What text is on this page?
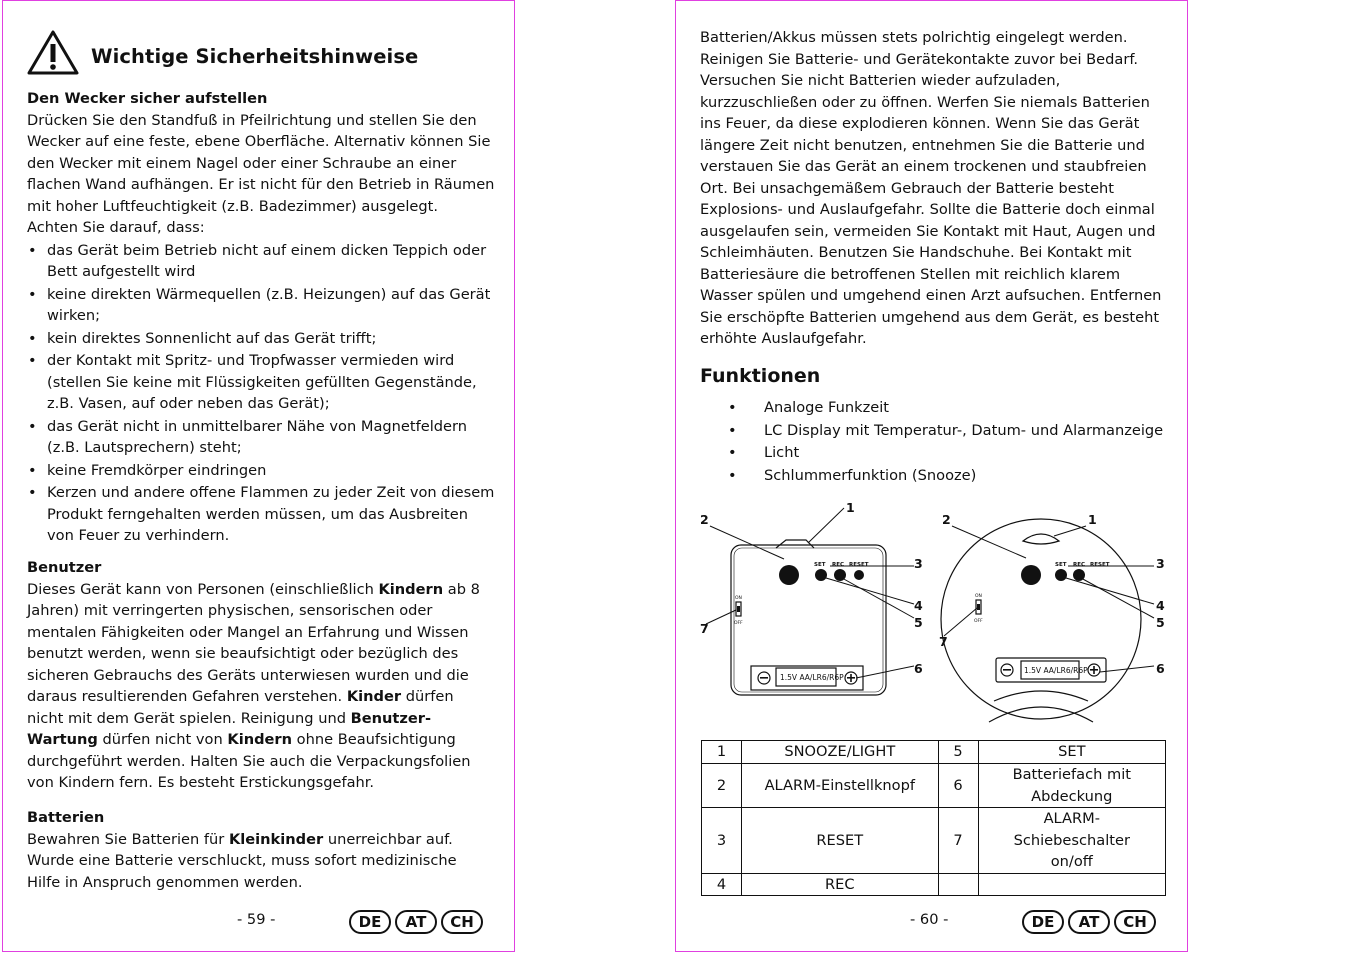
Wichtige Sicherheitshinweise
Den Wecker sicher aufstellen
Drücken Sie den Standfuß in Pfeilrichtung und stellen Sie den Wecker auf eine feste, ebene Oberfläche. Alternativ können Sie den Wecker mit einem Nagel oder einer Schraube an einer flachen Wand aufhängen. Er ist nicht für den Betrieb in Räumen mit hoher Luftfeuchtigkeit (z.B. Badezimmer) ausgelegt.
Achten Sie darauf, dass:
• das Gerät beim Betrieb nicht auf einem dicken Teppich oder Bett aufgestellt wird
• keine direkten Wärmequellen (z.B. Heizungen) auf das Gerät wirken;
• kein direktes Sonnenlicht auf das Gerät trifft;
• der Kontakt mit Spritz- und Tropfwasser vermieden wird (stellen Sie keine mit Flüssigkeiten gefüllten Gegenstände, z.B. Vasen, auf oder neben das Gerät);
• das Gerät nicht in unmittelbarer Nähe von Magnetfeldern (z.B. Lautsprechern) steht;
• keine Fremdkörper eindringen
• Kerzen und andere offene Flammen zu jeder Zeit von diesem Produkt ferngehalten werden müssen, um das Ausbreiten von Feuer zu verhindern.
Benutzer
Dieses Gerät kann von Personen (einschließlich Kindern ab 8 Jahren) mit verringerten physischen, sensorischen oder mentalen Fähigkeiten oder Mangel an Erfahrung und Wissen benutzt werden, wenn sie beaufsichtigt oder bezüglich des sicheren Gebrauchs des Geräts unterwiesen wurden und die daraus resultierenden Gefahren verstehen. Kinder dürfen nicht mit dem Gerät spielen. Reinigung und Benutzer-Wartung dürfen nicht von Kindern ohne Beaufsichtigung durchgeführt werden. Halten Sie auch die Verpackungsfolien von Kindern fern. Es besteht Erstickungsgefahr.
Batterien
Bewahren Sie Batterien für Kleinkinder unerreichbar auf. Wurde eine Batterie verschluckt, muss sofort medizinische Hilfe in Anspruch genommen werden.
- 59 -	DE	AT	CH
Batterien/Akkus müssen stets polrichtig eingelegt werden. Reinigen Sie Batterie- und Gerätekontakte zuvor bei Bedarf. Versuchen Sie nicht Batterien wieder aufzuladen, kurzzuschließen oder zu öffnen. Werfen Sie niemals Batterien ins Feuer, da diese explodieren können. Wenn Sie das Gerät längere Zeit nicht benutzen, entnehmen Sie die Batterie und verstauen Sie das Gerät an einem trockenen und staubfreien Ort. Bei unsachgemäßem Gebrauch der Batterie besteht Explosions- und Auslaufgefahr. Sollte die Batterie doch einmal ausgelaufen sein, vermeiden Sie Kontakt mit Haut, Augen und Schleimhäuten. Benutzen Sie Handschuhe. Bei Kontakt mit Batteriesäure die betroffenen Stellen mit reichlich klarem Wasser spülen und umgehend einen Arzt aufsuchen. Entfernen Sie erschöpfte Batterien umgehend aus dem Gerät, es besteht erhöhte Auslaufgefahr.
Funktionen
• Analoge Funkzeit
• LC Display mit Temperatur-, Datum- und Alarmanzeige
• Licht
• Schlummerfunktion (Snooze)
SET REC RESET	SET REC RESET
ON
OFF
ON
OFF
1.5V AA/LR6/R6P
1.5V AA/LR6/R6P
1
2
3
4
5
6
7
1
2
3
4
5
6
7
1	SNOOZE/LIGHT	5	SET
2	ALARM-Einstellknopf	6	Batteriefach mit Abdeckung
3	RESET	7	ALARM-Schiebeschalter on/off
4	REC		
- 60 -	DE	AT	CH
